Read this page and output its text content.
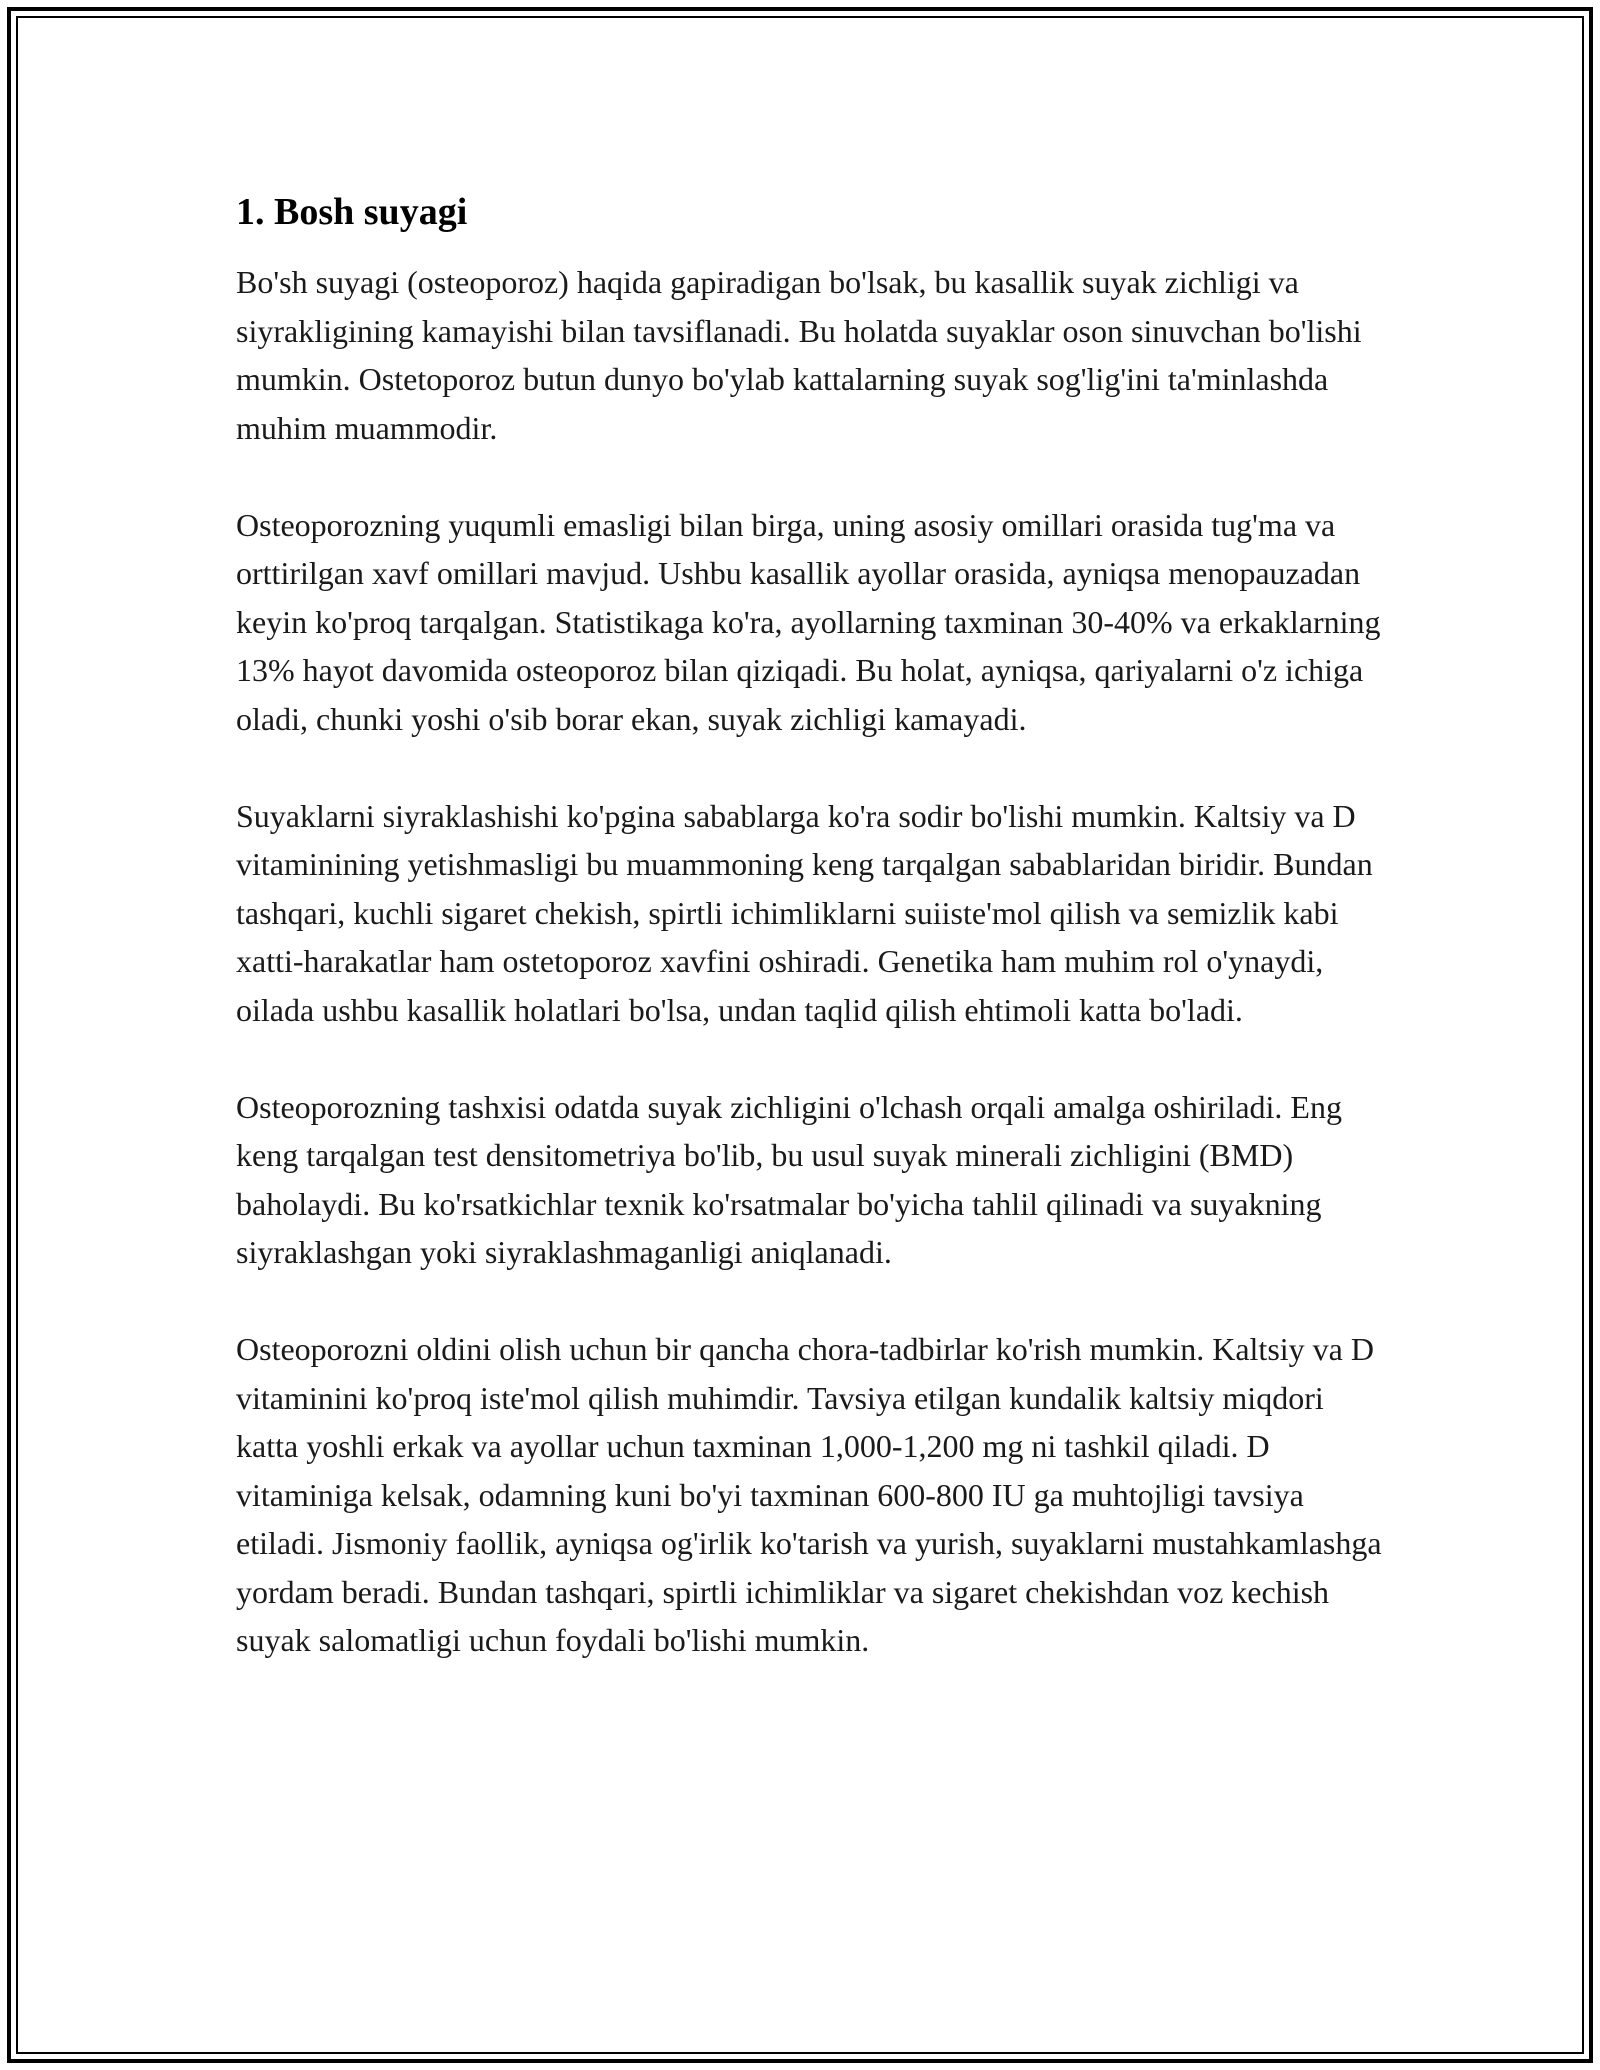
1. Bosh suyagi

Bo'sh suyagi (osteoporoz) haqida gapiradigan bo'lsak, bu kasallik suyak zichligi va siyrakligining kamayishi bilan tavsiflanadi. Bu holatda suyaklar oson sinuvchan bo'lishi mumkin. Ostetoporoz butun dunyo bo'ylab kattalarning suyak sog'lig'ini ta'minlashda muhim muammodir.

Osteoporozning yuqumli emasligi bilan birga, uning asosiy omillari orasida tug'ma va orttirilgan xavf omillari mavjud. Ushbu kasallik ayollar orasida, ayniqsa menopauzadan keyin ko'proq tarqalgan. Statistikaga ko'ra, ayollarning taxminan 30-40% va erkaklarning 13% hayot davomida osteoporoz bilan qiziqadi. Bu holat, ayniqsa, qariyalarni o'z ichiga oladi, chunki yoshi o'sib borar ekan, suyak zichligi kamayadi.

Suyaklarni siyraklashishi ko'pgina sabablarga ko'ra sodir bo'lishi mumkin. Kaltsiy va D vitaminining yetishmasligi bu muammoning keng tarqalgan sabablaridan biridir. Bundan tashqari, kuchli sigaret chekish, spirtli ichimliklarni suiiste'mol qilish va semizlik kabi xatti-harakatlar ham ostetoporoz xavfini oshiradi. Genetika ham muhim rol o'ynaydi, oilada ushbu kasallik holatlari bo'lsa, undan taqlid qilish ehtimoli katta bo'ladi.

Osteoporozning tashxisi odatda suyak zichligini o'lchash orqali amalga oshiriladi. Eng keng tarqalgan test densitometriya bo'lib, bu usul suyak minerali zichligini (BMD) baholaydi. Bu ko'rsatkichlar texnik ko'rsatmalar bo'yicha tahlil qilinadi va suyakning siyraklashgan yoki siyraklashmaganligi aniqlanadi.

Osteoporozni oldini olish uchun bir qancha chora-tadbirlar ko'rish mumkin. Kaltsiy va D vitaminini ko'proq iste'mol qilish muhimdir. Tavsiya etilgan kundalik kaltsiy miqdori katta yoshli erkak va ayollar uchun taxminan 1,000-1,200 mg ni tashkil qiladi. D vitaminiga kelsak, odamning kuni bo'yi taxminan 600-800 IU ga muhtojligi tavsiya etiladi. Jismoniy faollik, ayniqsa og'irlik ko'tarish va yurish, suyaklarni mustahkamlashga yordam beradi. Bundan tashqari, spirtli ichimliklar va sigaret chekishdan voz kechish suyak salomatligi uchun foydali bo'lishi mumkin.
